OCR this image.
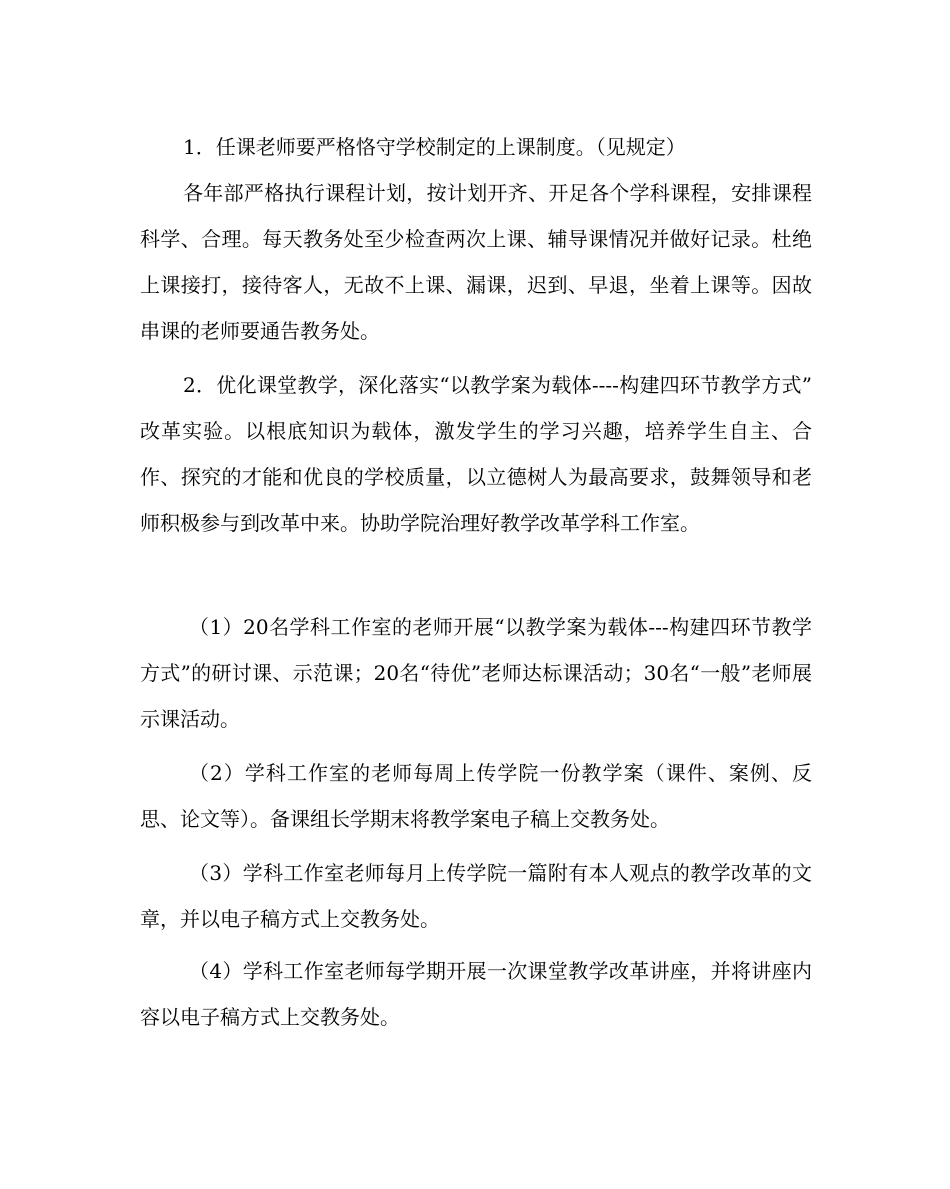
1．任课老师要严格恪守学校制定的上课制度。（见规定）

各年部严格执行课程计划，按计划开齐、开足各个学科课程，安排课程科学、合理。每天教务处至少检查两次上课、辅导课情况并做好记录。杜绝上课接打，接待客人，无故不上课、漏课，迟到、早退，坐着上课等。因故串课的老师要通告教务处。

2．优化课堂教学，深化落实“以教学案为载体----构建四环节教学方式” 改革实验。以根底知识为载体，激发学生的学习兴趣，培养学生自主、合作、探究的才能和优良的学校质量，以立德树人为最高要求，鼓舞领导和老师积极参与到改革中来。协助学院治理好教学改革学科工作室。

（1）20名学科工作室的老师开展“以教学案为载体---构建四环节教学方式”的研讨课、示范课；20名“待优”老师达标课活动；30名“一般”老师展示课活动。

（2）学科工作室的老师每周上传学院一份教学案（课件、案例、反思、论文等）。备课组长学期末将教学案电子稿上交教务处。

（3）学科工作室老师每月上传学院一篇附有本人观点的教学改革的文章，并以电子稿方式上交教务处。

（4）学科工作室老师每学期开展一次课堂教学改革讲座，并将讲座内容以电子稿方式上交教务处。
